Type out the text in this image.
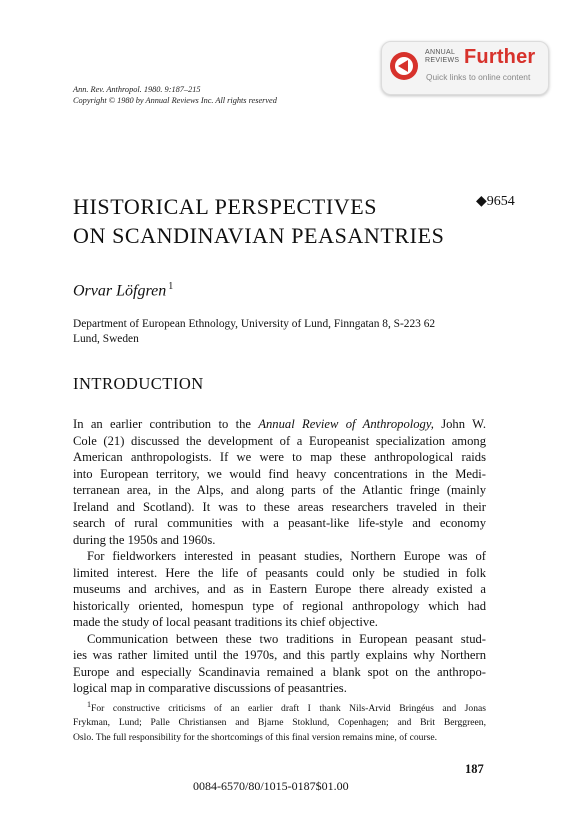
ANNUAL
REVIEWS Further
Quick links to online content
Ann. Rev. Anthropol. 1980. 9:187–215
Copyright © 1980 by Annual Reviews Inc. All rights reserved
HISTORICAL PERSPECTIVES
ON SCANDINAVIAN PEASANTRIES
◆9654
Orvar Löfgren $^1$
Department of European Ethnology, University of Lund, Finngatan 8, S-223 62
Lund, Sweden
INTRODUCTION
In an earlier contribution to the Annual Review of Anthropology, John W.
Cole (21) discussed the development of a Europeanist specialization among
American anthropologists. If we were to map these anthropological raids
into European territory, we would find heavy concentrations in the Medi-
terranean area, in the Alps, and along parts of the Atlantic fringe (mainly
Ireland and Scotland). It was to these areas researchers traveled in their
search of rural communities with a peasant-like life-style and economy
during the 1950s and 1960s.
For fieldworkers interested in peasant studies, Northern Europe was of
limited interest. Here the life of peasants could only be studied in folk
museums and archives, and as in Eastern Europe there already existed a
historically oriented, homespun type of regional anthropology which had
made the study of local peasant traditions its chief objective.
Communication between these two traditions in European peasant stud-
ies was rather limited until the 1970s, and this partly explains why Northern
Europe and especially Scandinavia remained a blank spot on the anthropo-
logical map in comparative discussions of peasantries.
$^1$For constructive criticisms of an earlier draft I thank Nils-Arvid Bringéus and Jonas
Frykman, Lund; Palle Christiansen and Bjarne Stoklund, Copenhagen; and Brit Berggreen,
Oslo. The full responsibility for the shortcomings of this final version remains mine, of course.
187
0084-6570/80/1015-0187$01.00
